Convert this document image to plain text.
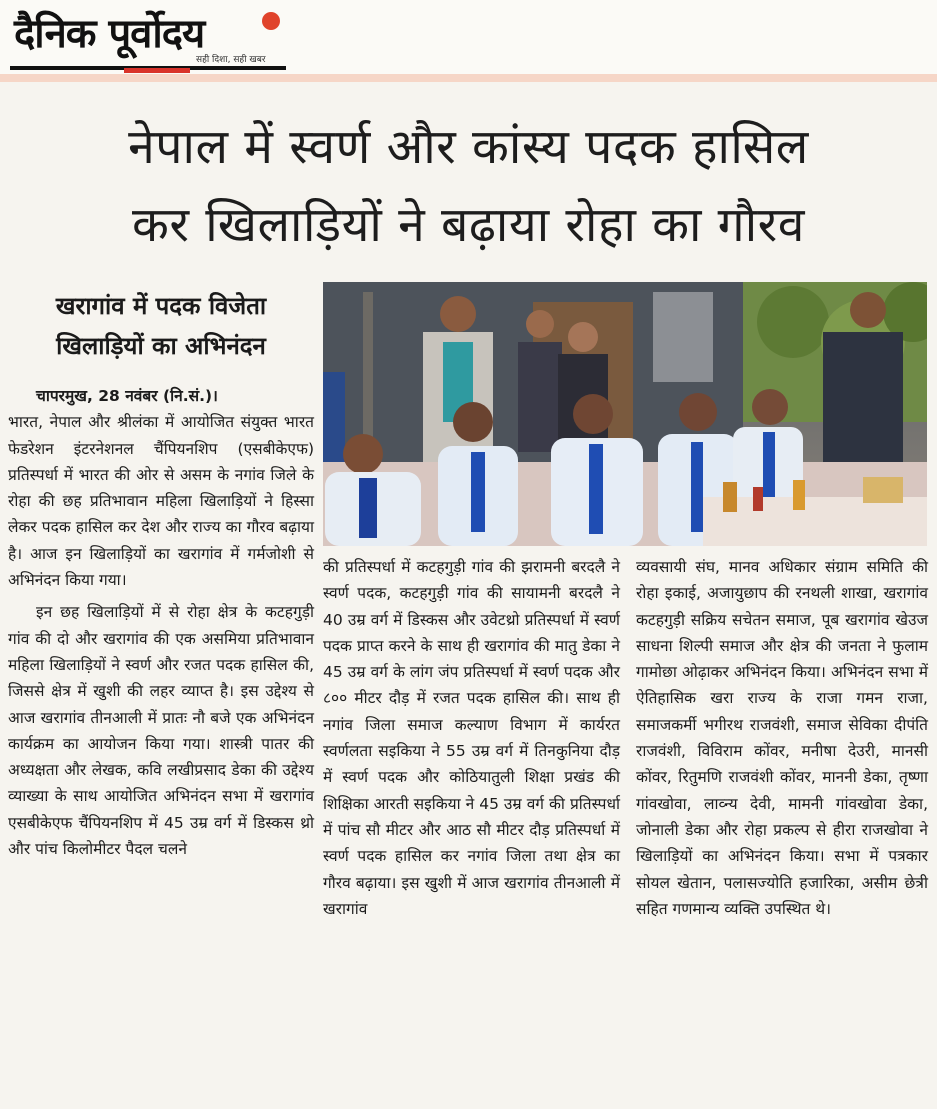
दैनिक पूर्वोदय
सही दिशा, सही खबर
नेपाल में स्वर्ण और कांस्य पदक हासिल
कर खिलाड़ियों ने बढ़ाया रोहा का गौरव
खरागांव में पदक विजेता
खिलाड़ियों का अभिनंदन

चापरमुख, 28 नवंबर (नि.सं.)।
भारत, नेपाल और श्रीलंका में आयोजित संयुक्त भारत फेडरेशन इंटरनेशनल चैंपियनशिप (एसबीकेएफ) प्रतिस्पर्धा में भारत की ओर से असम के नगांव जिले के रोहा की छह प्रतिभावान महिला खिलाड़ियों ने हिस्सा लेकर पदक हासिल कर देश और राज्य का गौरव बढ़ाया है। आज इन खिलाड़ियों का खरागांव में गर्मजोशी से अभिनंदन किया गया।

इन छह खिलाड़ियों में से रोहा क्षेत्र के कटहगुड़ी गांव की दो और खरागांव की एक असमिया प्रतिभावान महिला खिलाड़ियों ने स्वर्ण और रजत पदक हासिल की, जिससे क्षेत्र में खुशी की लहर व्याप्त है। इस उद्देश्य से आज खरागांव तीनआली में प्रातः नौ बजे एक अभिनंदन कार्यक्रम का आयोजन किया गया। शास्त्री पातर की अध्यक्षता और लेखक, कवि लखीप्रसाद डेका की उद्देश्य व्याख्या के साथ आयोजित अभिनंदन सभा में खरागांव एसबीकेएफ चैंपियनशिप में 45 उम्र वर्ग में डिस्कस थ्रो और पांच किलोमीटर पैदल चलने

की प्रतिस्पर्धा में कटहगुड़ी गांव की झरामनी बरदलै ने स्वर्ण पदक, कटहगुड़ी गांव की सायामनी बरदलै ने 40 उम्र वर्ग में डिस्कस और उवेटथ्रो प्रतिस्पर्धा में स्वर्ण पदक प्राप्त करने के साथ ही खरागांव की मातु डेका ने 45 उम्र वर्ग के लांग जंप प्रतिस्पर्धा में स्वर्ण पदक और ८०० मीटर दौड़ में रजत पदक हासिल की। साथ ही नगांव जिला समाज कल्याण विभाग में कार्यरत स्वर्णलता सइकिया ने 55 उम्र वर्ग में तिनकुनिया दौड़ में स्वर्ण पदक और कोठियातुली शिक्षा प्रखंड की शिक्षिका आरती सइकिया ने 45 उम्र वर्ग की प्रतिस्पर्धा में पांच सौ मीटर और आठ सौ मीटर दौड़ प्रतिस्पर्धा में स्वर्ण पदक हासिल कर नगांव जिला तथा क्षेत्र का गौरव बढ़ाया। इस खुशी में आज खरागांव तीनआली में खरागांव

व्यवसायी संघ, मानव अधिकार संग्राम समिति की रोहा इकाई, अजायुछाप की रनथली शाखा, खरागांव कटहगुड़ी सक्रिय सचेतन समाज, पूब खरागांव खेउज साधना शिल्पी समाज और क्षेत्र की जनता ने फुलाम गामोछा ओढ़ाकर अभिनंदन किया। अभिनंदन सभा में ऐतिहासिक खरा राज्य के राजा गमन राजा, समाजकर्मी भगीरथ राजवंशी, समाज सेविका दीपंति राजवंशी, विविराम कोंवर, मनीषा देउरी, मानसी कोंवर, रितुमणि राजवंशी कोंवर, माननी डेका, तृष्णा गांवखोवा, लाव्न्य देवी, मामनी गांवखोवा डेका, जोनाली डेका और रोहा प्रकल्प से हीरा राजखोवा ने खिलाड़ियों का अभिनंदन किया। सभा में पत्रकार सोयल खेतान, पलासज्योति हजारिका, असीम छेत्री सहित गणमान्य व्यक्ति उपस्थित थे।
